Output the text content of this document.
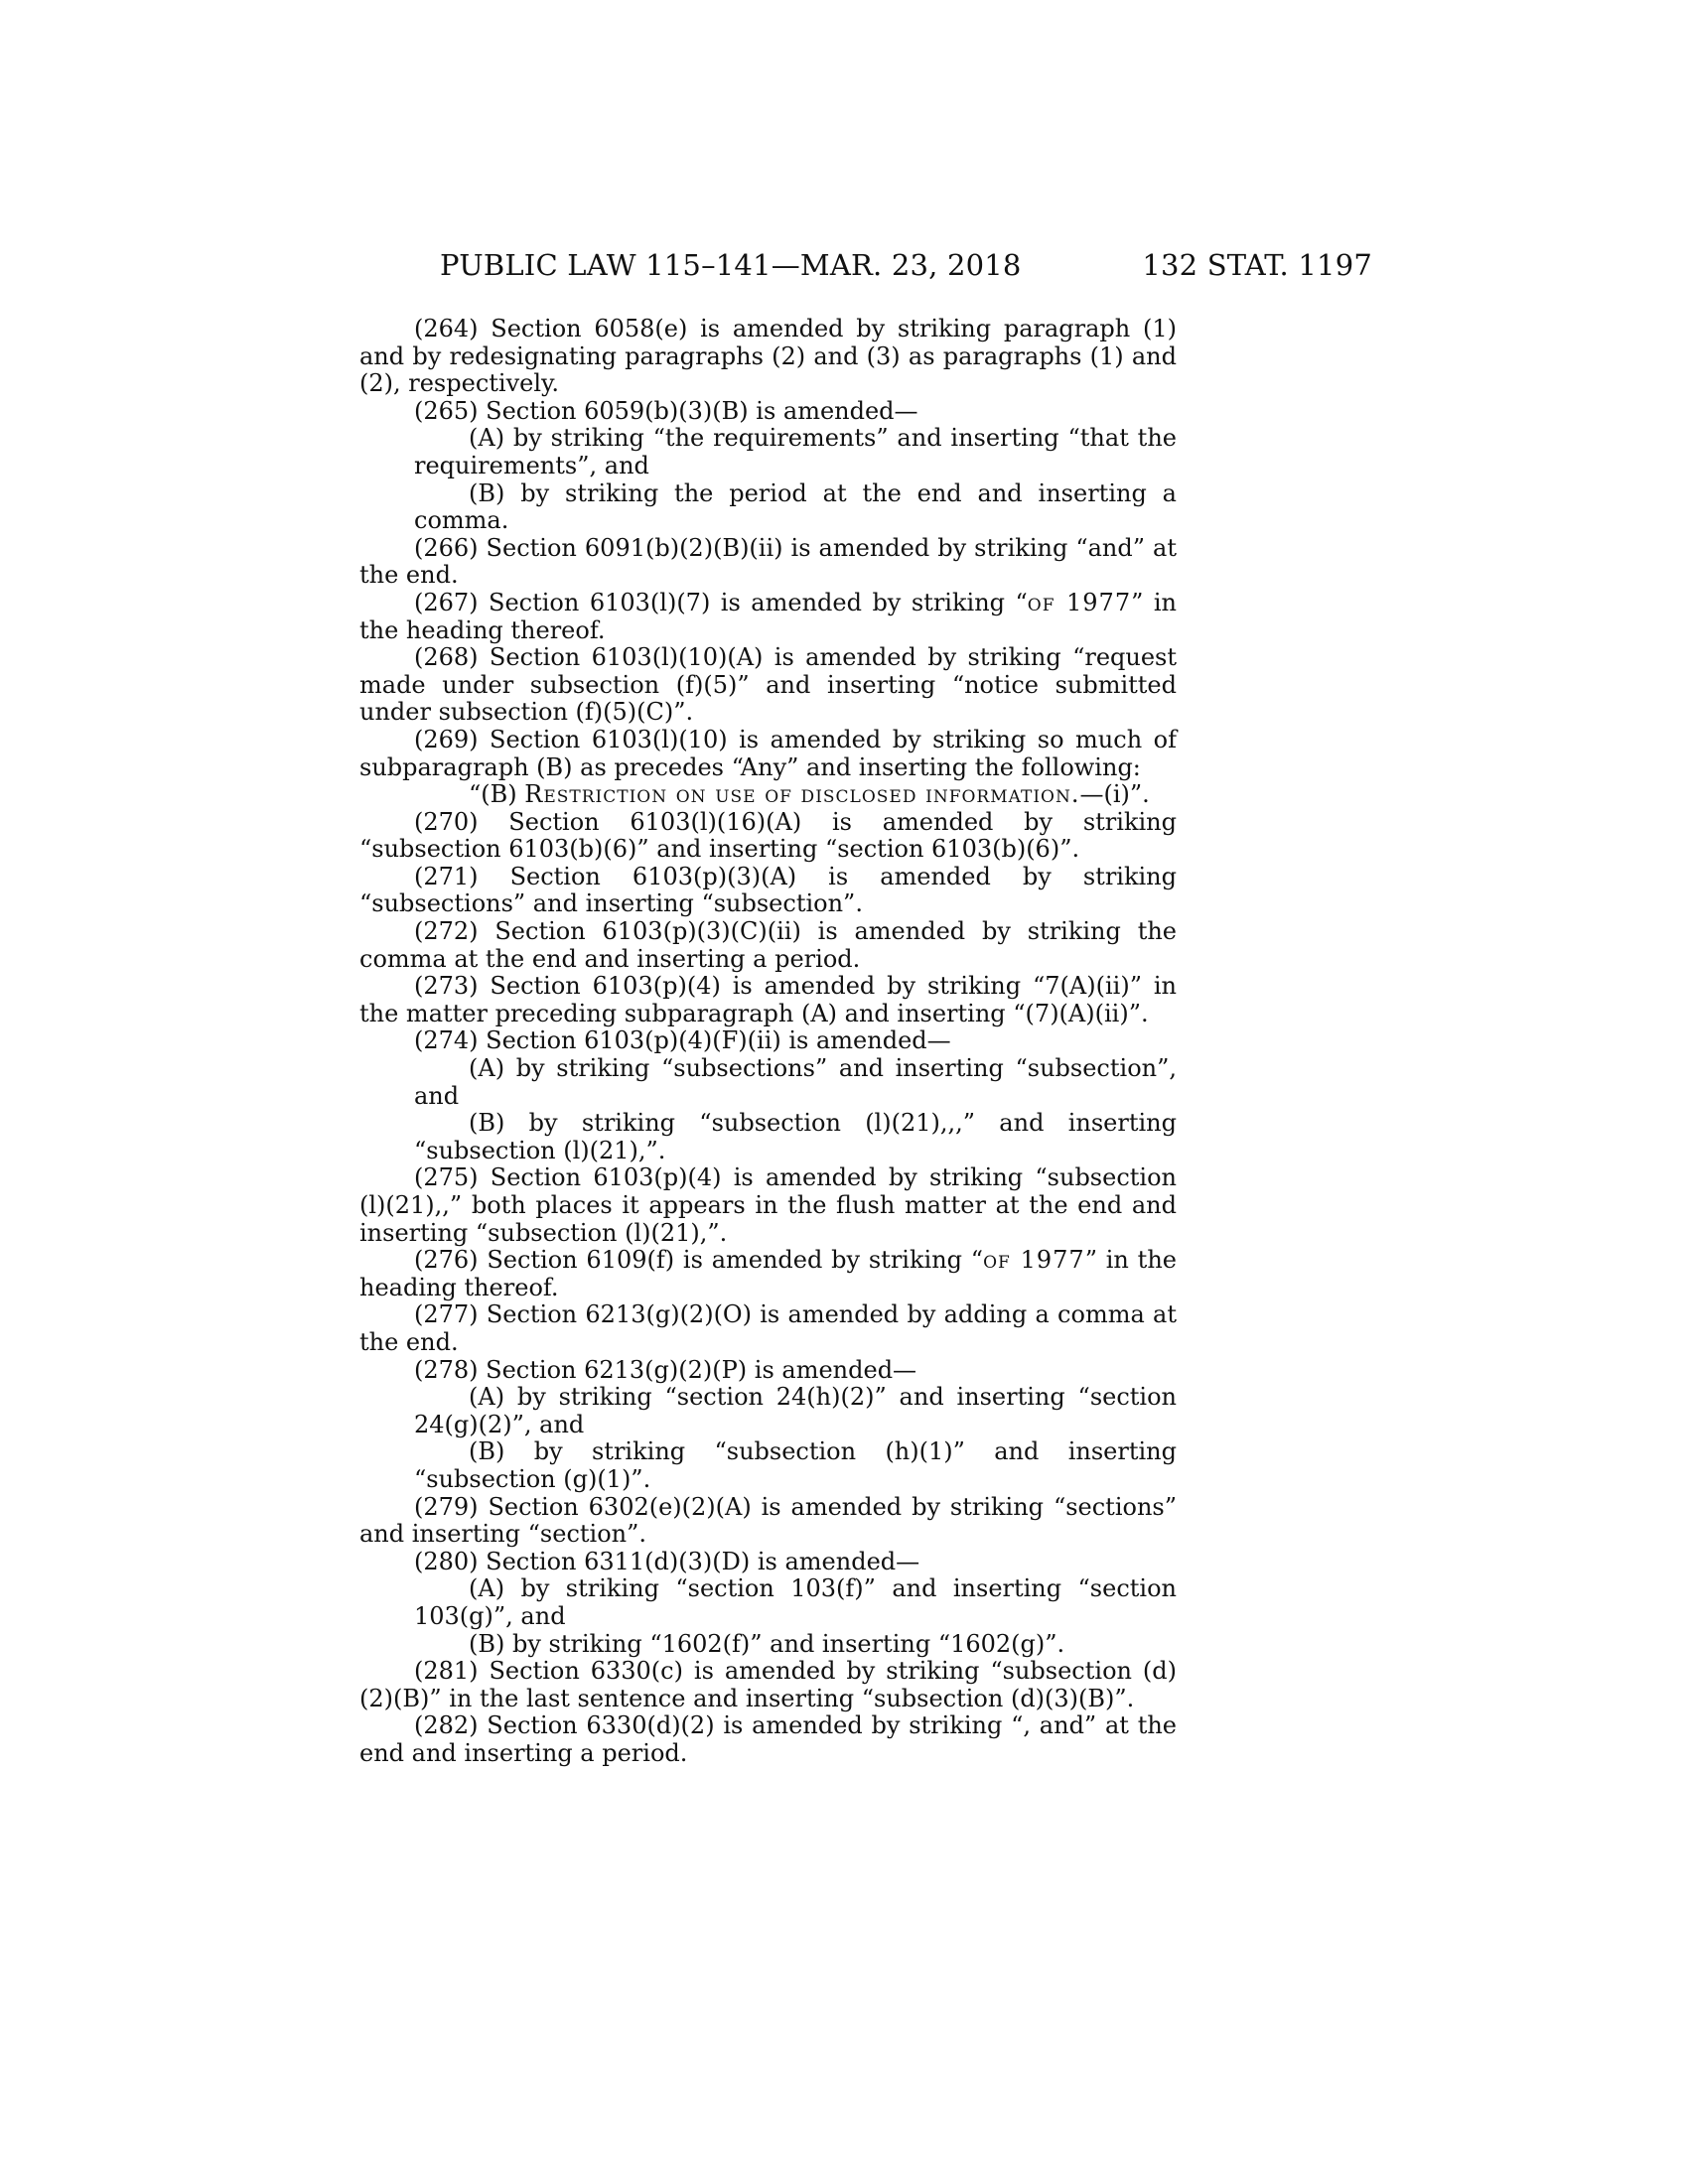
PUBLIC LAW 115–141—MAR. 23, 2018	132 STAT. 1197

(264) Section 6058(e) is amended by striking paragraph (1) and by redesignating paragraphs (2) and (3) as paragraphs (1) and (2), respectively.

(265) Section 6059(b)(3)(B) is amended—

(A) by striking “the requirements” and inserting “that the requirements”, and

(B) by striking the period at the end and inserting a comma.

(266) Section 6091(b)(2)(B)(ii) is amended by striking “and” at the end.

(267) Section 6103(l)(7) is amended by striking “of 1977” in the heading thereof.

(268) Section 6103(l)(10)(A) is amended by striking “request made under subsection (f)(5)” and inserting “notice submitted under subsection (f)(5)(C)”.

(269) Section 6103(l)(10) is amended by striking so much of subparagraph (B) as precedes “Any” and inserting the following:

“(B) Restriction on use of disclosed information.—(i)”.

(270) Section 6103(l)(16)(A) is amended by striking “subsection 6103(b)(6)” and inserting “section 6103(b)(6)”.

(271) Section 6103(p)(3)(A) is amended by striking “subsections” and inserting “subsection”.

(272) Section 6103(p)(3)(C)(ii) is amended by striking the comma at the end and inserting a period.

(273) Section 6103(p)(4) is amended by striking “7(A)(ii)” in the matter preceding subparagraph (A) and inserting “(7)(A)(ii)”.

(274) Section 6103(p)(4)(F)(ii) is amended—

(A) by striking “subsections” and inserting “subsection”, and

(B) by striking “subsection (l)(21),,,” and inserting “subsection (l)(21),”.

(275) Section 6103(p)(4) is amended by striking “subsection (l)(21),,” both places it appears in the flush matter at the end and inserting “subsection (l)(21),”.

(276) Section 6109(f) is amended by striking “of 1977” in the heading thereof.

(277) Section 6213(g)(2)(O) is amended by adding a comma at the end.

(278) Section 6213(g)(2)(P) is amended—

(A) by striking “section 24(h)(2)” and inserting “section 24(g)(2)”, and

(B) by striking “subsection (h)(1)” and inserting “subsection (g)(1)”.

(279) Section 6302(e)(2)(A) is amended by striking “sections” and inserting “section”.

(280) Section 6311(d)(3)(D) is amended—

(A) by striking “section 103(f)” and inserting “section 103(g)”, and

(B) by striking “1602(f)” and inserting “1602(g)”.

(281) Section 6330(c) is amended by striking “subsection (d)(2)(B)” in the last sentence and inserting “subsection (d)(3)(B)”.

(282) Section 6330(d)(2) is amended by striking “, and” at the end and inserting a period.
